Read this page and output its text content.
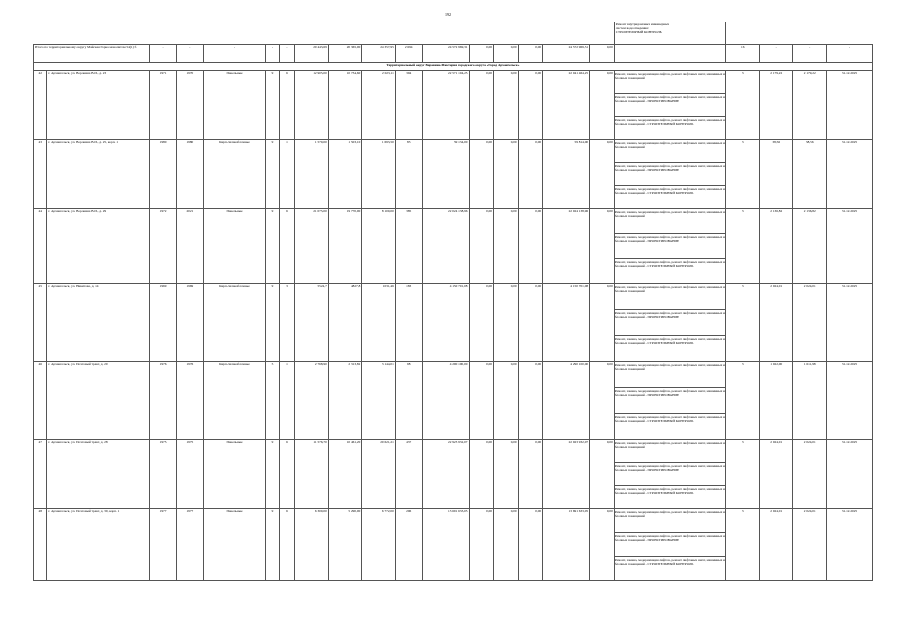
192

																	Ремонт внутридомовых инженерных
систем водоотведения:
СТРОИТЕЛЬНЫЙ КОНТРОЛЬ				

Итого по территориальному округу Майская Горка монолитом 54(1) б		-	-	-	-	-	20 443,69	20 365,00	24 357,95	2 694	24 572 969,31	0,00	0,00	0,00	24 572 969,31	0,00		16	-	-	-
Территориальный округ Варавино-Фактория городского округа «Город Архангельск»																					
42	г. Архангельск, ул. Воронина В.И., д. 23	1971	1970	Панельные	9	6	12 905,00	10 734,60	2 023,11	394	22 571 104,25	0,00	0,00	0,00	22 041 464,25	0,00	Ремонт, замена, модернизация лифтов, ремонт лифтовых шахт, машинных и блочных помещений
Ремонт, замена, модернизация лифтов, ремонт лифтовых шахт, машинных и блочных помещений - ПРОЕКТИРОВАНИЕ
Ремонт, замена, модернизация лифтов, ремонт лифтовых шахт, машинных и блочных помещений - СТРОИТЕЛЬНЫЙ КОНТРОЛЬ	3	2 179,22	2 179,22	31.12.2025
43	г. Архангельск, ул. Воронина В.И., д. 25, корп. 1	1980	1980	Кирп./шлакоблочные	9	1	1 570,00	1 503,10	1 693,50	83	59 134,00	0,00	0,00	0,00	59 814,00	0,00	Ремонт, замена, модернизация лифтов, ремонт лифтовых шахт, машинных и блочных помещений
Ремонт, замена, модернизация лифтов, ремонт лифтовых шахт, машинных и блочных помещений - ПРОЕКТИРОВАНИЕ
Ремонт, замена, модернизация лифтов, ремонт лифтовых шахт, машинных и блочных помещений - СТРОИТЕЛЬНЫЙ КОНТРОЛЬ	3	38,56	38,56	31.12.2025
44	г. Архангельск, ул. Воронина В.И., д. 29	1972	2021	Панельные	9	6	21 075,00	19 770,00	8 100,00	385	22 024 138,96	0,00	0,00	0,00	22 024 138,96	0,00	Ремонт, замена, модернизация лифтов, ремонт лифтовых шахт, машинных и блочных помещений
Ремонт, замена, модернизация лифтов, ремонт лифтовых шахт, машинных и блочных помещений - ПРОЕКТИРОВАНИЕ
Ремонт, замена, модернизация лифтов, ремонт лифтовых шахт, машинных и блочных помещений - СТРОИТЕЛЬНЫЙ КОНТРОЛЬ	3	2 136,82	2 136,82	31.12.2025
45	г. Архангельск, ул. Никитова, д. 14	1969	1969	Кирп./шлакоблочные	9	3	5524,7	4827,8	1031,46	183	4 150 701,08	0,00	0,00	0,00	4 150 701,08	0,00	Ремонт, замена, модернизация лифтов, ремонт лифтовых шахт, машинных и блочных помещений
Ремонт, замена, модернизация лифтов, ремонт лифтовых шахт, машинных и блочных помещений - ПРОЕКТИРОВАНИЕ
Ремонт, замена, модернизация лифтов, ремонт лифтовых шахт, машинных и блочных помещений - СТРОИТЕЛЬНЫЙ КОНТРОЛЬ	3	2 024,01	2 024,01	31.12.2025
46	г. Архангельск, ул. Почтовый тракт, д. 20	1976	1976	Кирп./шлакоблочные	5	1	2 768,90	2 313,82	3 144,01	98	4 290 100,00	0,00	0,00	0,00	4 290 100,00	0,00	Ремонт, замена, модернизация лифтов, ремонт лифтовых шахт, машинных и блочных помещений
Ремонт, замена, модернизация лифтов, ремонт лифтовых шахт, машинных и блочных помещений - ПРОЕКТИРОВАНИЕ
Ремонт, замена, модернизация лифтов, ремонт лифтовых шахт, машинных и блочных помещений - СТРОИТЕЛЬНЫЙ КОНТРОЛЬ	3	1 022,00	1 611,98	31.12.2025
47	г. Архангельск, ул. Почтовый тракт, д. 28	1975	1975	Панельные	9	6	11 576,70	10 461,20	20 621,21	437	22 923 932,07	0,00	0,00	0,00	22 923 932,07	0,00	Ремонт, замена, модернизация лифтов, ремонт лифтовых шахт, машинных и блочных помещений
Ремонт, замена, модернизация лифтов, ремонт лифтовых шахт, машинных и блочных помещений - ПРОЕКТИРОВАНИЕ
Ремонт, замена, модернизация лифтов, ремонт лифтовых шахт, машинных и блочных помещений - СТРОИТЕЛЬНЫЙ КОНТРОЛЬ	3	2 024,01	2 024,01	31.12.2025
48	г. Архангельск, ул. Почтовый тракт, д. 30, корп. 1	1977	1977	Панельные	9	6	6 300,00	5 290,00	6 772,00	206	13 691 633,05	0,00	0,00	0,00	13 691 633,05	0,00	Ремонт, замена, модернизация лифтов, ремонт лифтовых шахт, машинных и блочных помещений
Ремонт, замена, модернизация лифтов, ремонт лифтовых шахт, машинных и блочных помещений - ПРОЕКТИРОВАНИЕ
Ремонт, замена, модернизация лифтов, ремонт лифтовых шахт, машинных и блочных помещений - СТРОИТЕЛЬНЫЙ КОНТРОЛЬ	3	2 024,01	2 024,01	31.12.2025
